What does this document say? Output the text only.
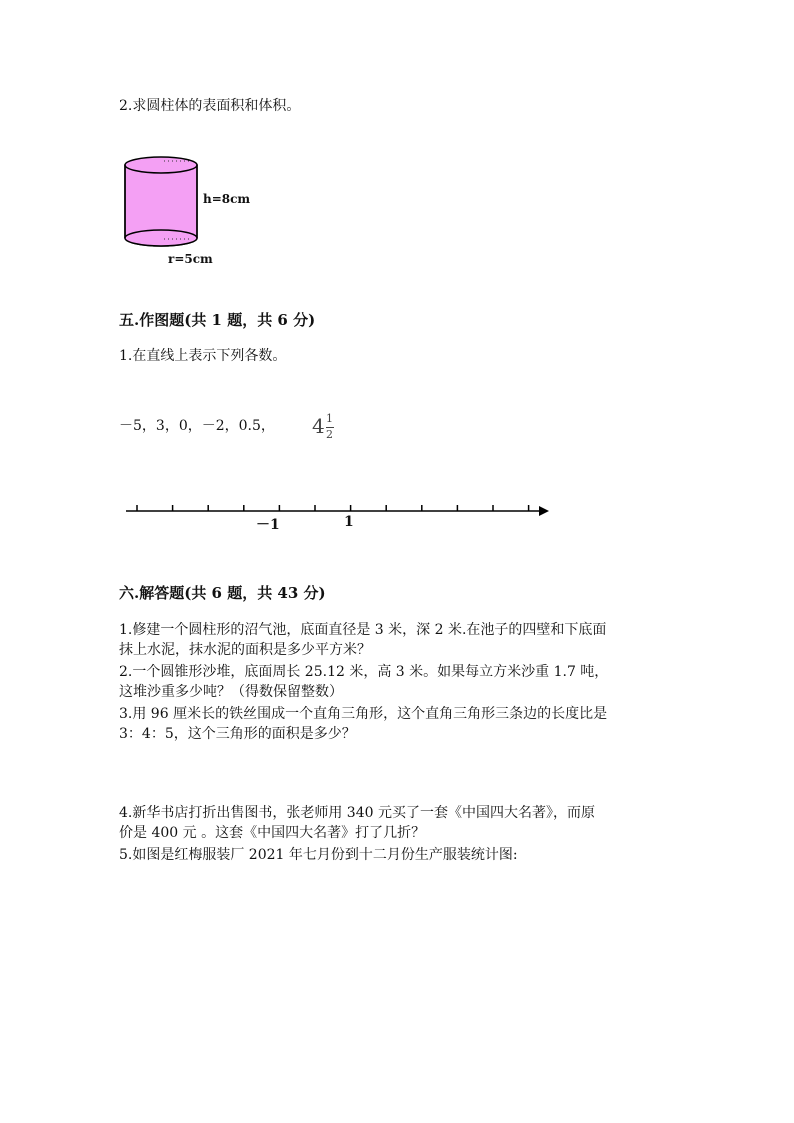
2.求圆柱体的表面积和体积。
h=8cm
r=5cm
五.作图题(共 1 题，共 6 分)
1.在直线上表示下列各数。
－5，3，0，－2，0.5， 4 1
2
－1	1
六.解答题(共 6 题，共 43 分)
1.修建一个圆柱形的沼气池，底面直径是 3 米，深 2 米.在池子的四壁和下底面
抹上水泥，抹水泥的面积是多少平方米？
2.一个圆锥形沙堆，底面周长 25.12 米，高 3 米。如果每立方米沙重 1.7 吨，
这堆沙重多少吨？（得数保留整数）
3.用 96 厘米长的铁丝围成一个直角三角形，这个直角三角形三条边的长度比是
3：4：5，这个三角形的面积是多少？
4.新华书店打折出售图书，张老师用 340 元买了一套《中国四大名著》，而原
价是 400 元 。这套《中国四大名著》打了几折？
5.如图是红梅服装厂 2021 年七月份到十二月份生产服装统计图:
